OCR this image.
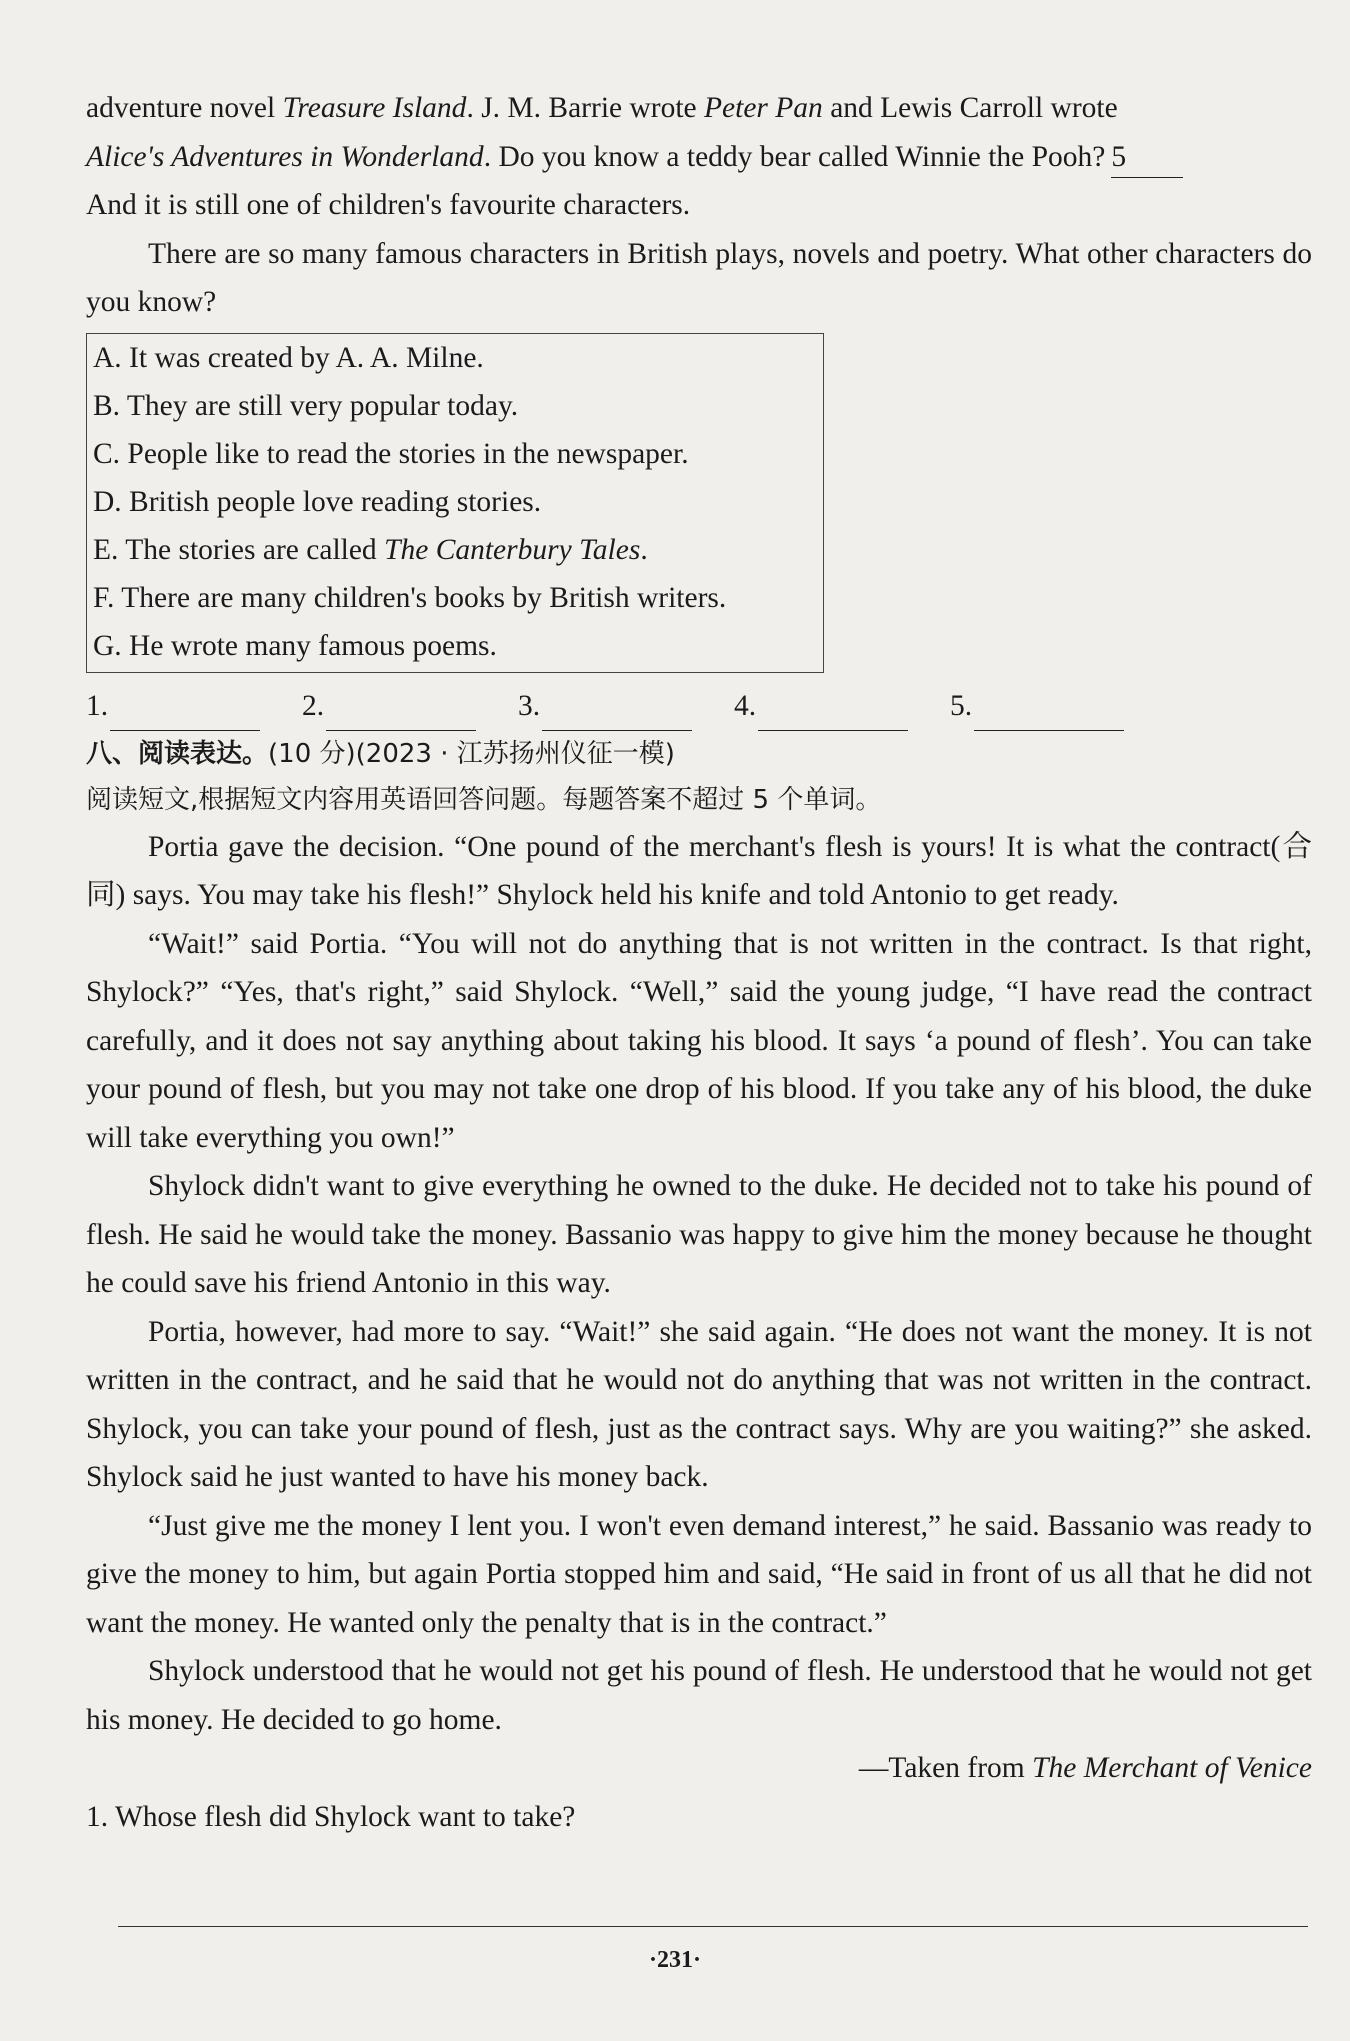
adventure novel Treasure Island. J. M. Barrie wrote Peter Pan and Lewis Carroll wrote

Alice's Adventures in Wonderland. Do you know a teddy bear called Winnie the Pooh? 5

And it is still one of children's favourite characters.

There are so many famous characters in British plays, novels and poetry. What other characters do you know?

A. It was created by A. A. Milne.
B. They are still very popular today.
C. People like to read the stories in the newspaper.
D. British people love reading stories.
E. The stories are called The Canterbury Tales.
F. There are many children's books by British writers.
G. He wrote many famous poems.
1.	2.	3.	4.	5.

八、阅读表达。(10 分)(2023 · 江苏扬州仪征一模)

阅读短文,根据短文内容用英语回答问题。每题答案不超过 5 个单词。

Portia gave the decision. “One pound of the merchant's flesh is yours! It is what the contract(合同) says. You may take his flesh!” Shylock held his knife and told Antonio to get ready.

“Wait!” said Portia. “You will not do anything that is not written in the contract. Is that right, Shylock?” “Yes, that's right,” said Shylock. “Well,” said the young judge, “I have read the contract carefully, and it does not say anything about taking his blood. It says ‘a pound of flesh’. You can take your pound of flesh, but you may not take one drop of his blood. If you take any of his blood, the duke will take everything you own!”

Shylock didn't want to give everything he owned to the duke. He decided not to take his pound of flesh. He said he would take the money. Bassanio was happy to give him the money because he thought he could save his friend Antonio in this way.

Portia, however, had more to say. “Wait!” she said again. “He does not want the money. It is not written in the contract, and he said that he would not do anything that was not written in the contract. Shylock, you can take your pound of flesh, just as the contract says. Why are you waiting?” she asked. Shylock said he just wanted to have his money back.

“Just give me the money I lent you. I won't even demand interest,” he said. Bassanio was ready to give the money to him, but again Portia stopped him and said, “He said in front of us all that he did not want the money. He wanted only the penalty that is in the contract.”

Shylock understood that he would not get his pound of flesh. He understood that he would not get his money. He decided to go home.

—Taken from The Merchant of Venice

1. Whose flesh did Shylock want to take?

·231·
